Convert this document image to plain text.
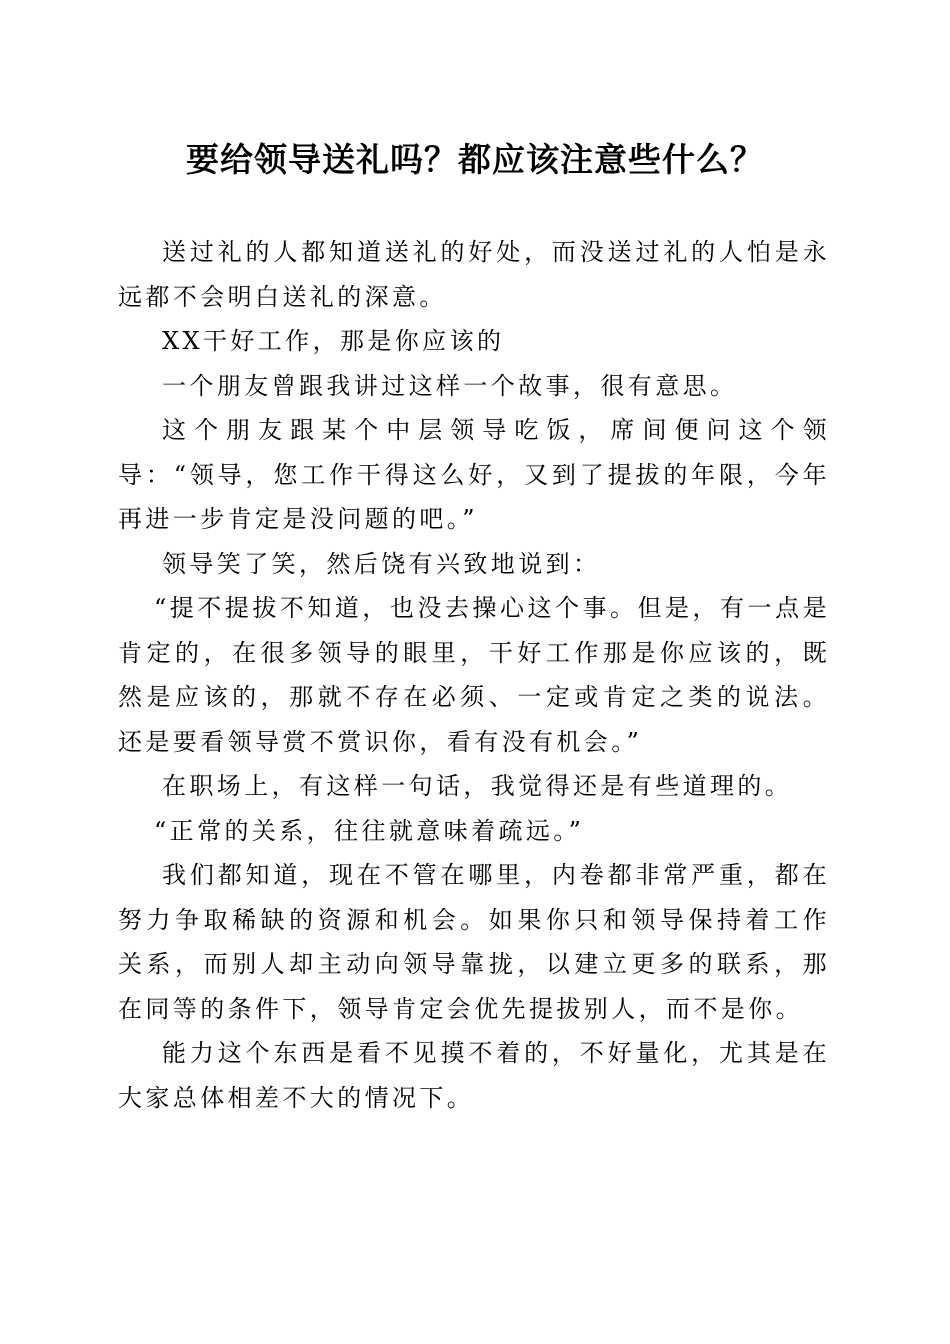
要给领导送礼吗？都应该注意些什么？

送过礼的人都知道送礼的好处，而没送过礼的人怕是永远都不会明白送礼的深意。

XX干好工作，那是你应该的

一个朋友曾跟我讲过这样一个故事，很有意思。

这个朋友跟某个中层领导吃饭，席间便问这个领导：“领导，您工作干得这么好，又到了提拔的年限，今年再进一步肯定是没问题的吧。”

领导笑了笑，然后饶有兴致地说到：

“提不提拔不知道，也没去操心这个事。但是，有一点是肯定的，在很多领导的眼里，干好工作那是你应该的，既然是应该的，那就不存在必须、一定或肯定之类的说法。还是要看领导赏不赏识你，看有没有机会。”

在职场上，有这样一句话，我觉得还是有些道理的。

“正常的关系，往往就意味着疏远。”

我们都知道，现在不管在哪里，内卷都非常严重，都在努力争取稀缺的资源和机会。如果你只和领导保持着工作关系，而别人却主动向领导靠拢，以建立更多的联系，那在同等的条件下，领导肯定会优先提拔别人，而不是你。

能力这个东西是看不见摸不着的，不好量化，尤其是在大家总体相差不大的情况下。
